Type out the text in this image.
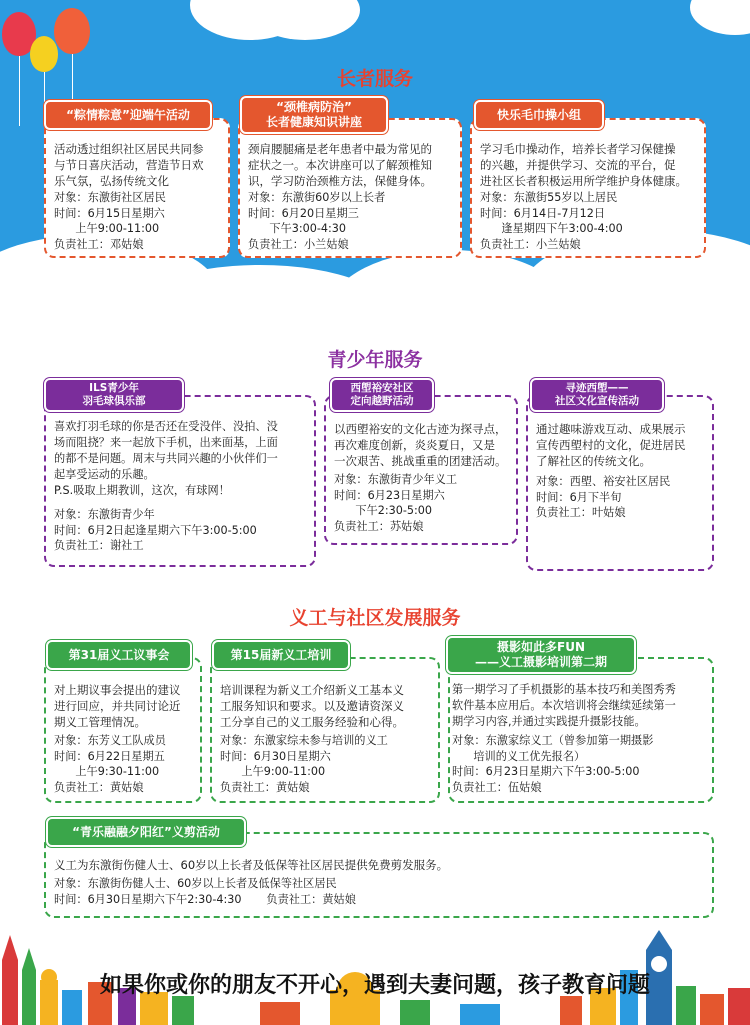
长者服务
“粽情粽意”迎端午活动

活动透过组织社区居民共同参

与节日喜庆活动，营造节日欢

乐气氛，弘扬传统文化

对象：东激街社区居民

时间：6月15日星期六

上午9:00-11:00

负责社工：邓姑娘

“颈椎病防治”
长者健康知识讲座

颈肩腰腿痛是老年患者中最为常见的

症状之一。本次讲座可以了解颈椎知

识，学习防治颈椎方法，保健身体。

对象：东激街60岁以上长者

时间：6月20日星期三

下午3:00-4:30

负责社工：小兰姑娘

快乐毛巾操小组

学习毛巾操动作，培养长者学习保健操

的兴趣，并提供学习、交流的平台，促

进社区长者积极运用所学维护身体健康。

对象：东激街55岁以上居民

时间：6月14日-7月12日

逢星期四下午3:00-4:00

负责社工：小兰姑娘

青少年服务
ILS青少年
羽毛球俱乐部

喜欢打羽毛球的你是否还在受没伴、没拍、没

场而阻挠？来一起放下手机，出来面基，上面

的都不是问题。周末与共同兴趣的小伙伴们一

起享受运动的乐趣。

P.S.吸取上期教训，这次，有球网！

对象：东激街青少年

时间：6月2日起逢星期六下午3:00-5:00

负责社工：谢社工

西塱裕安社区
定向越野活动

以西塱裕安的文化古迹为探寻点，

再次难度创新，炎炎夏日，又是

一次艰苦、挑战重重的团建活动。

对象：东激街青少年义工

时间：6月23日星期六

下午2:30-5:00

负责社工：苏姑娘

寻迹西塱——
社区文化宣传活动

通过趣味游戏互动、成果展示

宣传西塱村的文化，促进居民

了解社区的传统文化。

对象：西塱、裕安社区居民

时间：6月下半旬

负责社工：叶姑娘

义工与社区发展服务
第31届义工议事会

对上期议事会提出的建议

进行回应，并共同讨论近

期义工管理情况。

对象：东芳义工队成员

时间：6月22日星期五

上午9:30-11:00

负责社工：黄姑娘

第15届新义工培训

培训课程为新义工介绍新义工基本义

工服务知识和要求。以及邀请资深义

工分享自己的义工服务经验和心得。

对象：东激家综未参与培训的义工

时间：6月30日星期六

上午9:00-11:00

负责社工：黄姑娘

摄影如此多FUN
——义工摄影培训第二期

第一期学习了手机摄影的基本技巧和美图秀秀

软件基本应用后。本次培训将会继续延续第一

期学习内容,并通过实践提升摄影技能。

对象：东激家综义工（曾参加第一期摄影

培训的义工优先报名）

时间：6月23日星期六下午3:00-5:00

负责社工：伍姑娘

“青乐融融夕阳红”义剪活动

义工为东激街伤健人士、60岁以上长者及低保等社区居民提供免费剪发服务。

对象：东激街伤健人士、60岁以上长者及低保等社区居民

时间：6月30日星期六下午2:30-4:30       负责社工：黄姑娘

如果你或你的朋友不开心，遇到夫妻问题，孩子教育问题
